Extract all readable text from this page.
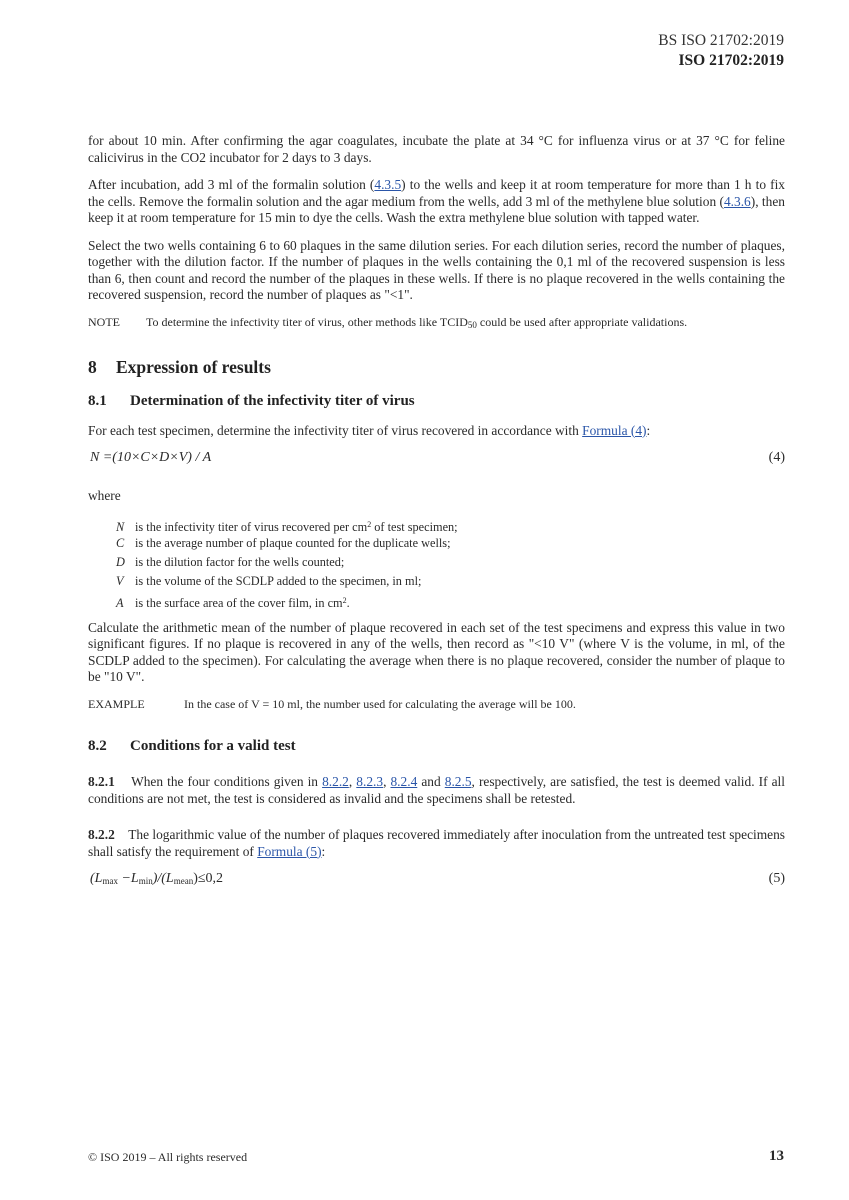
BS ISO 21702:2019
ISO 21702:2019

for about 10 min. After confirming the agar coagulates, incubate the plate at 34 °C for influenza virus or at 37 °C for feline calicivirus in the CO2 incubator for 2 days to 3 days.

After incubation, add 3 ml of the formalin solution (4.3.5) to the wells and keep it at room temperature for more than 1 h to fix the cells. Remove the formalin solution and the agar medium from the wells, add 3 ml of the methylene blue solution (4.3.6), then keep it at room temperature for 15 min to dye the cells. Wash the extra methylene blue solution with tapped water.

Select the two wells containing 6 to 60 plaques in the same dilution series. For each dilution series, record the number of plaques, together with the dilution factor. If the number of plaques in the wells containing the 0,1 ml of the recovered suspension is less than 6, then count and record the number of the plaques in these wells. If there is no plaque recovered in the wells containing the recovered suspension, record the number of plaques as "<1".

NOTE To determine the infectivity titer of virus, other methods like $TCID_{50}$ could be used after appropriate validations.

8 Expression of results
8.1 Determination of the infectivity titer of virus

For each test specimen, determine the infectivity titer of virus recovered in accordance with Formula (4):

N =(10×C×D×V) / A	(4)

where

N is the infectivity titer of virus recovered per $cm^2$ of test specimen;
C is the average number of plaque counted for the duplicate wells;
D is the dilution factor for the wells counted;
V is the volume of the SCDLP added to the specimen, in ml;
A is the surface area of the cover film, in $cm^2$.

Calculate the arithmetic mean of the number of plaque recovered in each set of the test specimens and express this value in two significant figures. If no plaque is recovered in any of the wells, then record as "<10 V" (where V is the volume, in ml, of the SCDLP added to the specimen). For calculating the average when there is no plaque recovered, consider the number of plaque to be "10 V".

EXAMPLE	In the case of V = 10 ml, the number used for calculating the average will be 100.

8.2 Conditions for a valid test

8.2.1 When the four conditions given in 8.2.2, 8.2.3, 8.2.4 and 8.2.5, respectively, are satisfied, the test is deemed valid. If all conditions are not met, the test is considered as invalid and the specimens shall be retested.

8.2.2 The logarithmic value of the number of plaques recovered immediately after inoculation from the untreated test specimens shall satisfy the requirement of Formula (5):

$(L_{max} -L_{min})/(L_{mean})\le 0,2$	(5)
© ISO 2019 – All rights reserved	13
